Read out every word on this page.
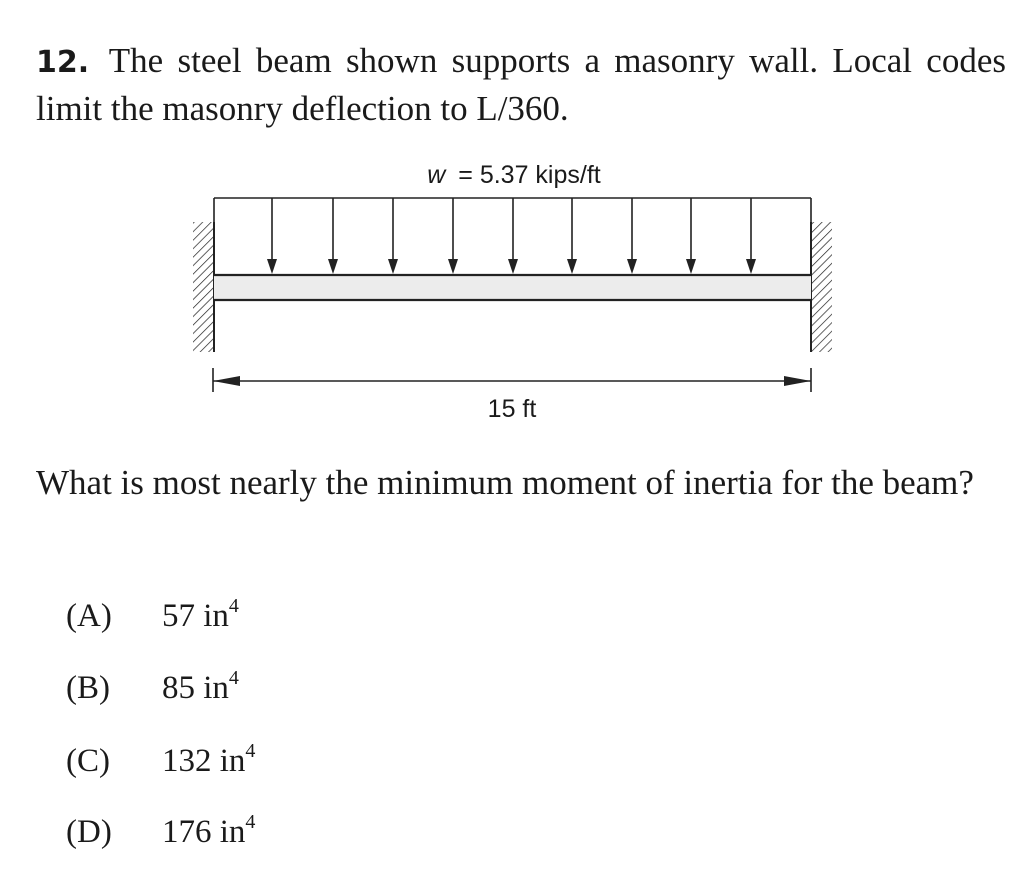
12. The steel beam shown supports a masonry wall. Local codes limit the masonry deflection to L/360.
w = 5.37 kips/ft
15 ft
What is most nearly the minimum moment of inertia for the beam?
(A) 57 $in^4$
(B) 85 $in^4$
(C) 132 $in^4$
(D) 176 $in^4$
